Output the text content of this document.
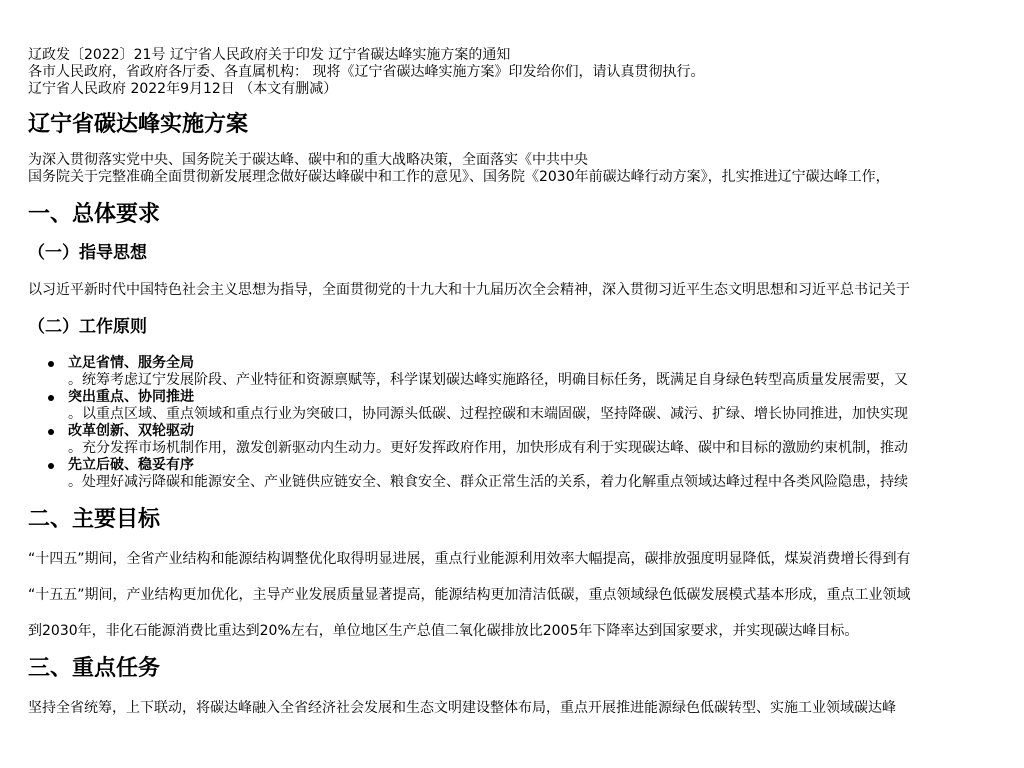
辽政发〔2022〕21号 辽宁省人民政府关于印发 辽宁省碳达峰实施方案的通知
各市人民政府，省政府各厅委、各直属机构： 现将《辽宁省碳达峰实施方案》印发给你们，请认真贯彻执行。
辽宁省人民政府 2022年9月12日 （本文有删减）
辽宁省碳达峰实施方案
为深入贯彻落实党中央、国务院关于碳达峰、碳中和的重大战略决策，全面落实《中共中央
国务院关于完整准确全面贯彻新发展理念做好碳达峰碳中和工作的意见》、国务院《2030年前碳达峰行动方案》，扎实推进辽宁碳达峰工作，
一、总体要求
（一）指导思想

以习近平新时代中国特色社会主义思想为指导，全面贯彻党的十九大和十九届历次全会精神，深入贯彻习近平生态文明思想和习近平总书记关于

（二）工作原则
立足省情、服务全局
。统筹考虑辽宁发展阶段、产业特征和资源禀赋等，科学谋划碳达峰实施路径，明确目标任务，既满足自身绿色转型高质量发展需要，又
突出重点、协同推进
。以重点区域、重点领域和重点行业为突破口，协同源头低碳、过程控碳和末端固碳，坚持降碳、减污、扩绿、增长协同推进，加快实现
改革创新、双轮驱动
。充分发挥市场机制作用，激发创新驱动内生动力。更好发挥政府作用，加快形成有利于实现碳达峰、碳中和目标的激励约束机制，推动
先立后破、稳妥有序
。处理好减污降碳和能源安全、产业链供应链安全、粮食安全、群众正常生活的关系，着力化解重点领域达峰过程中各类风险隐患，持续
二、主要目标

“十四五”期间，全省产业结构和能源结构调整优化取得明显进展，重点行业能源利用效率大幅提高，碳排放强度明显降低，煤炭消费增长得到有

“十五五”期间，产业结构更加优化，主导产业发展质量显著提高，能源结构更加清洁低碳，重点领域绿色低碳发展模式基本形成，重点工业领域

到2030年，非化石能源消费比重达到20%左右，单位地区生产总值二氧化碳排放比2005年下降率达到国家要求，并实现碳达峰目标。

三、重点任务

坚持全省统筹，上下联动，将碳达峰融入全省经济社会发展和生态文明建设整体布局，重点开展推进能源绿色低碳转型、实施工业领域碳达峰
